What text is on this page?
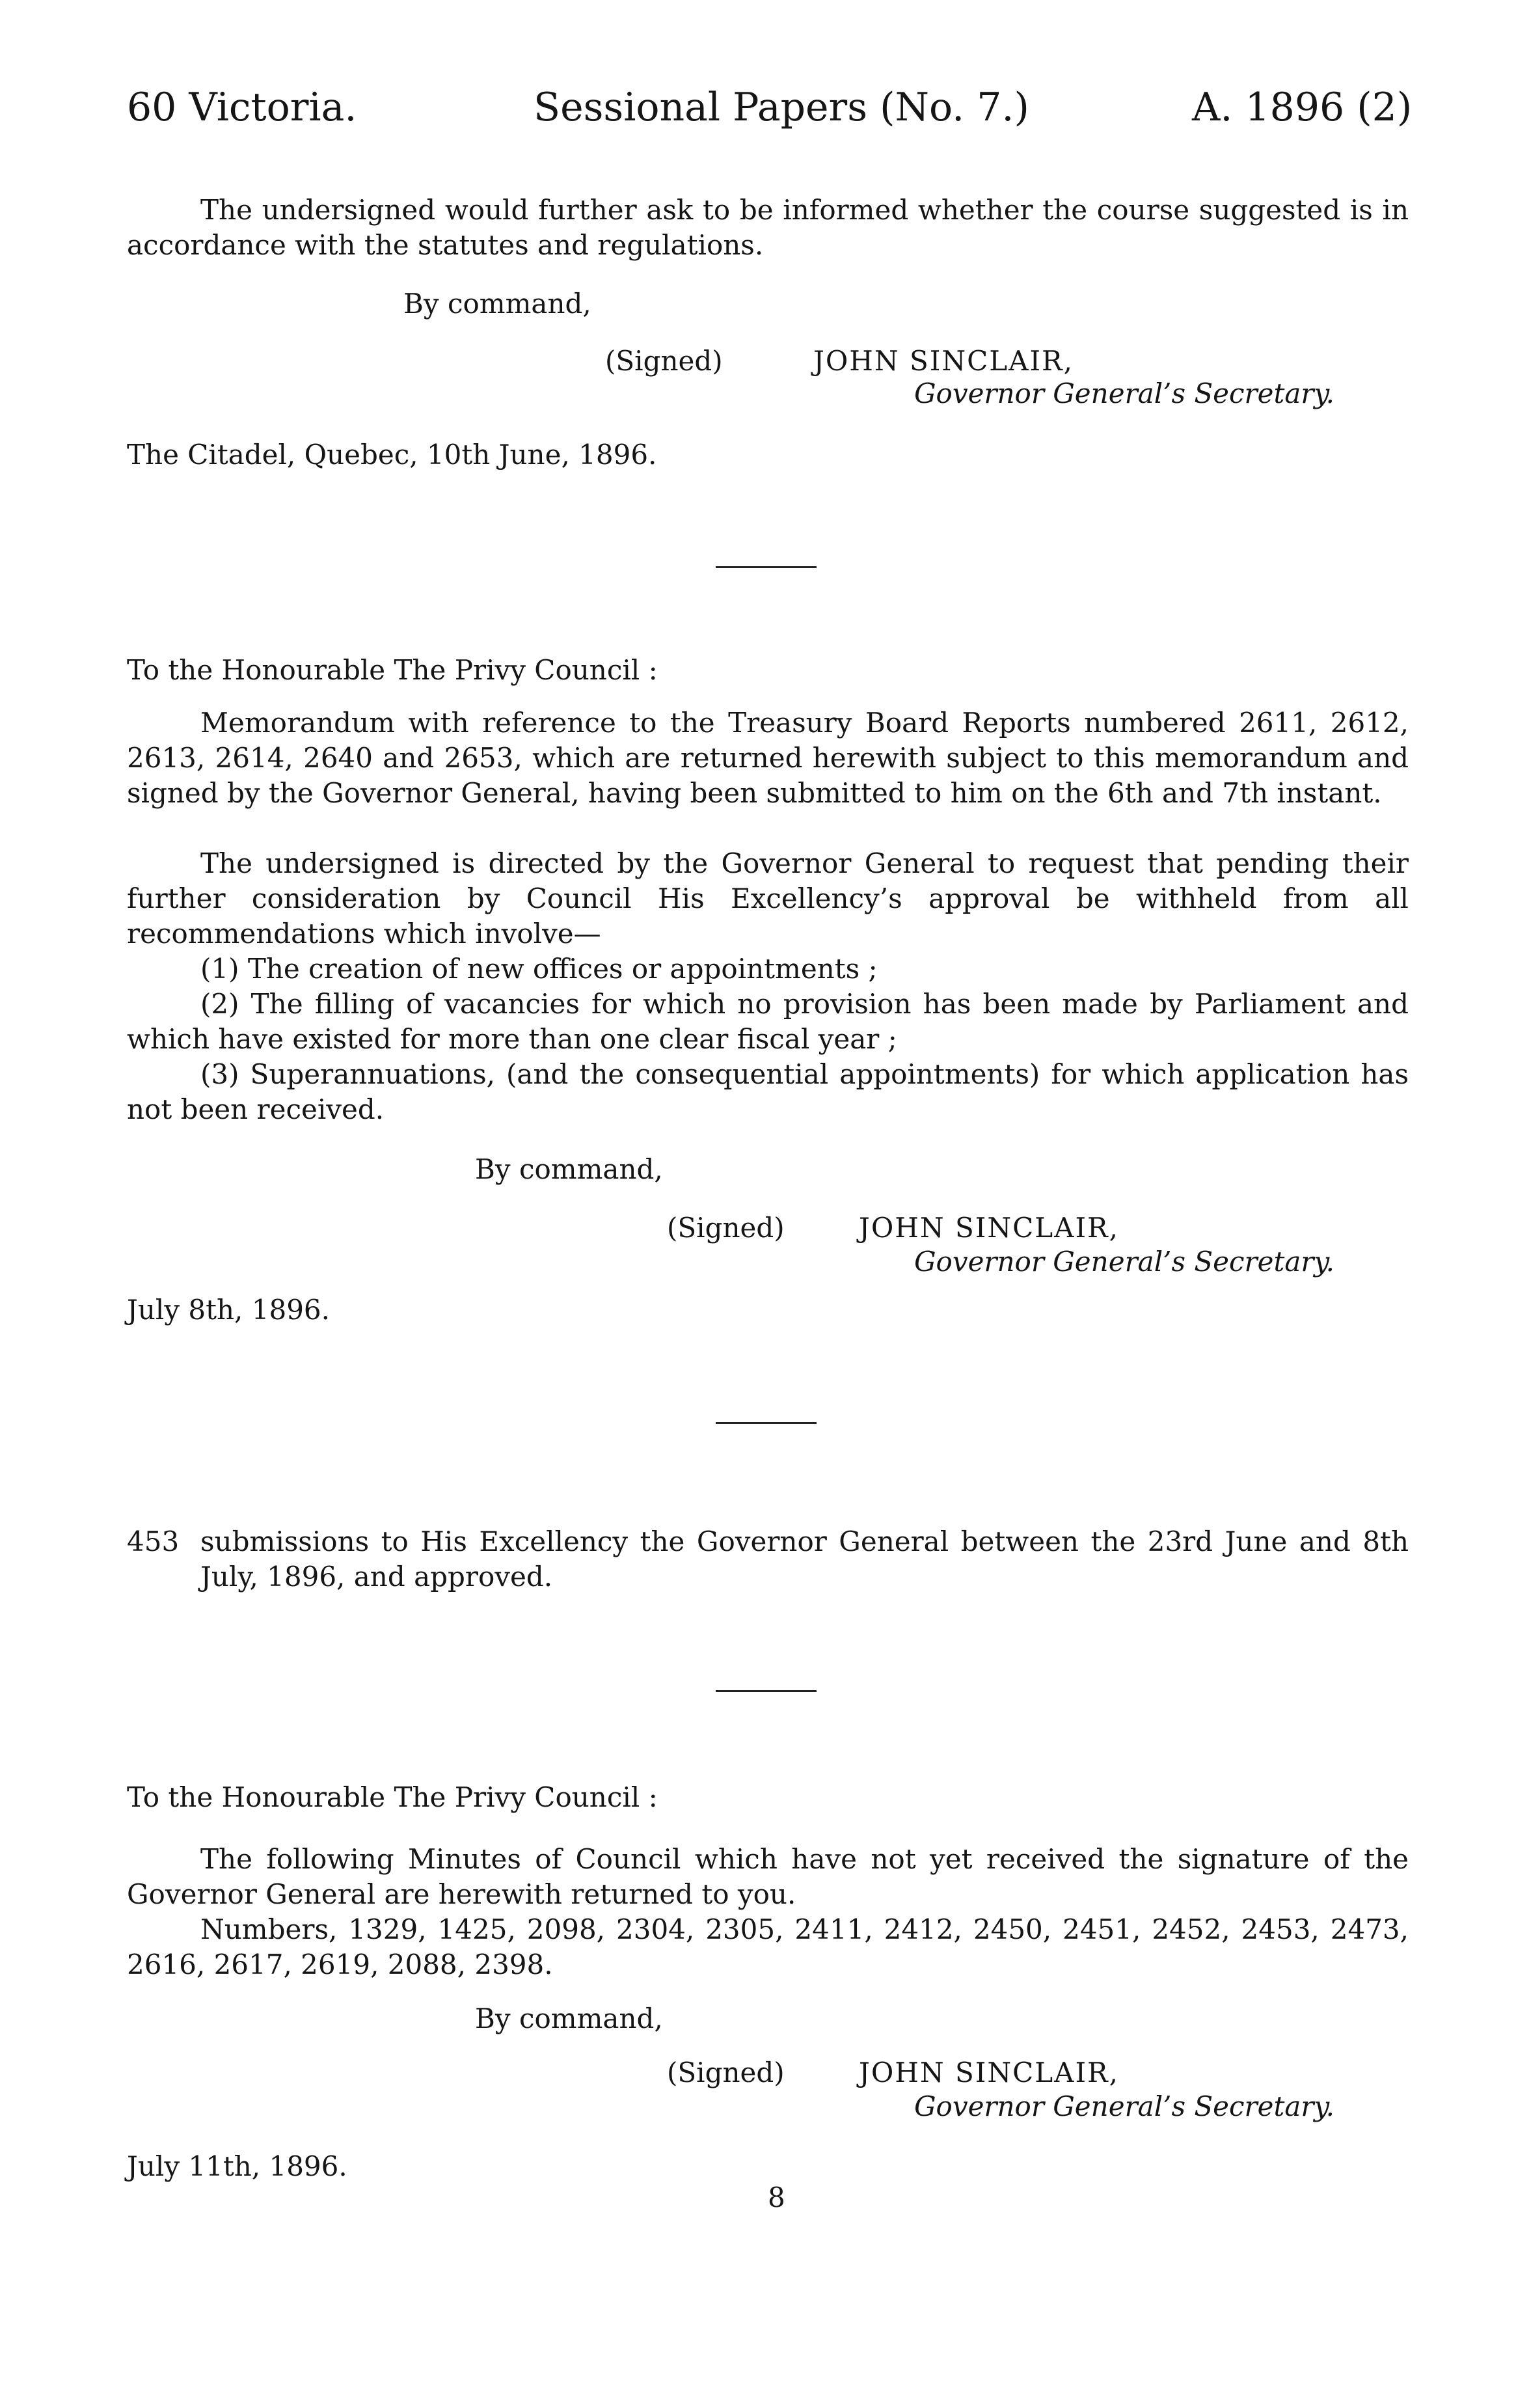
60 Victoria.	Sessional Papers (No. 7.)	A. 1896 (2)
The undersigned would further ask to be informed whether the course suggested is in accordance with the statutes and regulations.
By command,
(Signed)	JOHN SINCLAIR,
Governor General’s Secretary.
The Citadel, Quebec, 10th June, 1896.
To the Honourable The Privy Council :
Memorandum with reference to the Treasury Board Reports numbered 2611, 2612, 2613, 2614, 2640 and 2653, which are returned herewith subject to this memorandum and signed by the Governor General, having been submitted to him on the 6th and 7th instant.
The undersigned is directed by the Governor General to request that pending their further consideration by Council His Excellency’s approval be withheld from all recommendations which involve—
(1) The creation of new offices or appointments ;
(2) The filling of vacancies for which no provision has been made by Parliament and which have existed for more than one clear fiscal year ;
(3) Superannuations, (and the consequential appointments) for which application has not been received.
By command,
(Signed)	JOHN SINCLAIR,
Governor General’s Secretary.
July 8th, 1896.
453 submissions to His Excellency the Governor General between the 23rd June and 8th July, 1896, and approved.
To the Honourable The Privy Council :
The following Minutes of Council which have not yet received the signature of the Governor General are herewith returned to you.
Numbers, 1329, 1425, 2098, 2304, 2305, 2411, 2412, 2450, 2451, 2452, 2453, 2473, 2616, 2617, 2619, 2088, 2398.
By command,
(Signed)	JOHN SINCLAIR,
Governor General’s Secretary.
July 11th, 1896.
8
